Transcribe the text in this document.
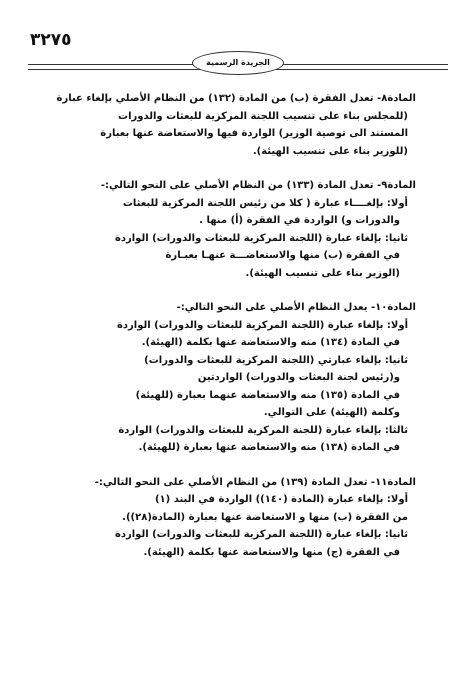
٣٢٧٥
الجريدة الرسمية
المادة٨- تعدل الفقرة (ب) من المادة (١٣٢) من النظام الأصلي بإلغاء عبارة
(للمجلس بناء على تنسيب اللجنة المركزية للبعثات والدورات
المستند الى توصية الوزير) الواردة فيها والاستعاضة عنها بعبارة
(للوزير بناء على تنسيب الهيئة).
المادة٩- تعدل المادة (١٣٣) من النظام الأصلي على النحو التالي:-
أولا: بإلغــــاء عبارة ( كلا من رئيس اللجنة المركزية للبعثات
والدورات و) الواردة في الفقرة (أ) منها .
ثانيا: بإلغاء عبارة (اللجنة المركزية للبعثات والدورات) الواردة
في الفقرة (ب) منها والاستعاضـــة عنهـا بعبـارة
(الوزير بناء على تنسيب الهيئة).
المادة١٠- يعدل النظام الأصلي على النحو التالي:-
أولا: بإلغاء عبارة (اللجنة المركزية للبعثات والدورات) الواردة
في المادة (١٣٤) منه والاستعاضة عنها بكلمة (الهيئة).
ثانيا: بإلغاء عبارتي (اللجنة المركزية للبعثات والدورات)
و(رئيس لجنة البعثات والدورات) الواردتين
في المادة (١٣٥) منه والاستعاضة عنهما بعبارة (للهيئة)
وكلمة (الهيئة) على التوالي.
ثالثا: بإلغاء عبارة (للجنة المركزية للبعثات والدورات) الواردة
في المادة (١٣٨) منه والاستعاضة عنها بعبارة (للهيئة).
المادة١١- تعدل المادة (١٣٩) من النظام الأصلي على النحو التالي:-
أولا: بإلغاء عبارة (المادة (١٤٠)) الواردة في البند (١)
من الفقرة (ب) منها و الاستعاضة عنها بعبارة (المادة(٢٨)).
ثانيا: بإلغاء عبارة (اللجنة المركزية للبعثات والدورات) الواردة
في الفقرة (ج) منها والاستعاضة عنها بكلمة (الهيئة).
